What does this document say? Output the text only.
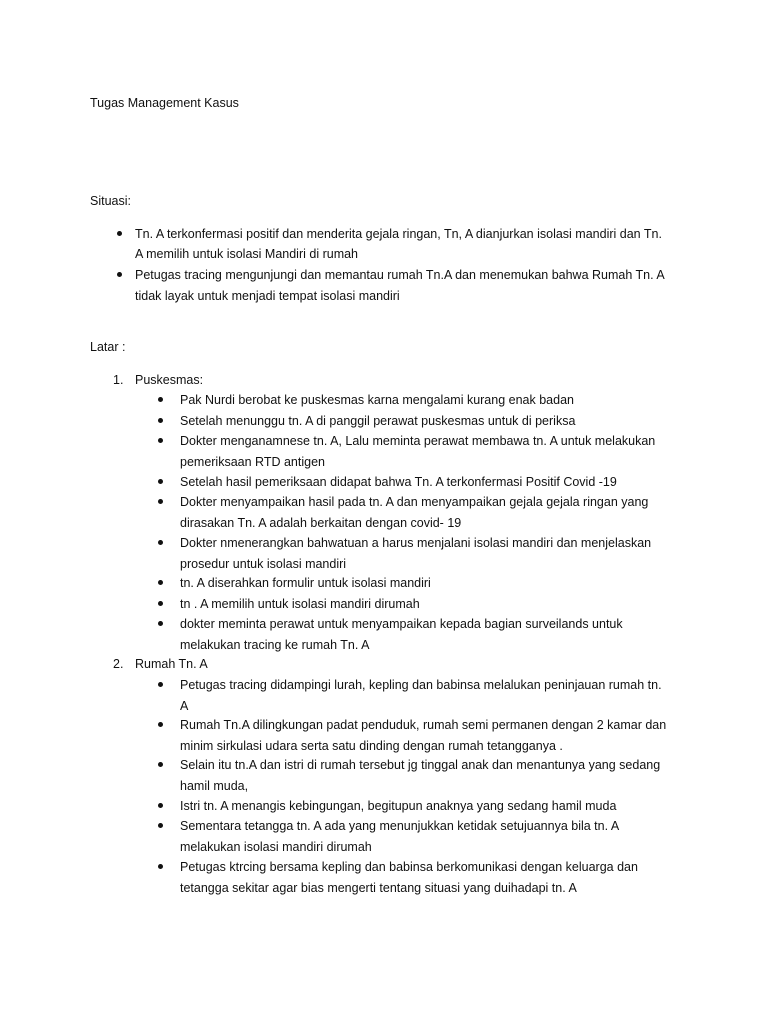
Tugas Management Kasus
Situasi:
Tn. A terkonfermasi positif dan menderita gejala ringan, Tn, A dianjurkan isolasi mandiri dan Tn.
A memilih untuk isolasi Mandiri di rumah
Petugas tracing mengunjungi dan memantau rumah Tn.A dan menemukan bahwa Rumah Tn. A
tidak layak untuk menjadi tempat isolasi mandiri
Latar :
1. Puskesmas:
Pak Nurdi berobat ke puskesmas karna mengalami kurang enak badan
Setelah menunggu tn. A di panggil perawat puskesmas untuk di periksa
Dokter menganamnese tn. A, Lalu meminta perawat membawa tn. A untuk melakukan
pemeriksaan RTD antigen
Setelah hasil pemeriksaan didapat bahwa Tn. A terkonfermasi Positif Covid -19
Dokter menyampaikan hasil pada tn. A dan menyampaikan gejala gejala ringan yang
dirasakan Tn. A adalah berkaitan dengan covid- 19
Dokter nmenerangkan bahwatuan a harus menjalani isolasi mandiri dan menjelaskan
prosedur untuk isolasi mandiri
tn. A diserahkan formulir untuk isolasi mandiri
tn . A memilih untuk isolasi mandiri dirumah
dokter meminta perawat untuk menyampaikan kepada bagian surveilands untuk
melakukan tracing ke rumah Tn. A
2. Rumah Tn. A
Petugas tracing didampingi lurah, kepling dan babinsa melalukan peninjauan rumah tn.
A
Rumah Tn.A dilingkungan padat penduduk, rumah semi permanen dengan 2 kamar dan
minim sirkulasi udara serta satu dinding dengan rumah tetangganya .
Selain itu tn.A dan istri di rumah tersebut jg tinggal anak dan menantunya yang sedang
hamil muda,
Istri tn. A menangis kebingungan, begitupun anaknya yang sedang hamil muda
Sementara tetangga tn. A ada yang menunjukkan ketidak setujuannya bila tn. A
melakukan isolasi mandiri dirumah
Petugas ktrcing bersama kepling dan babinsa berkomunikasi dengan keluarga dan
tetangga sekitar agar bias mengerti tentang situasi yang duihadapi tn. A
